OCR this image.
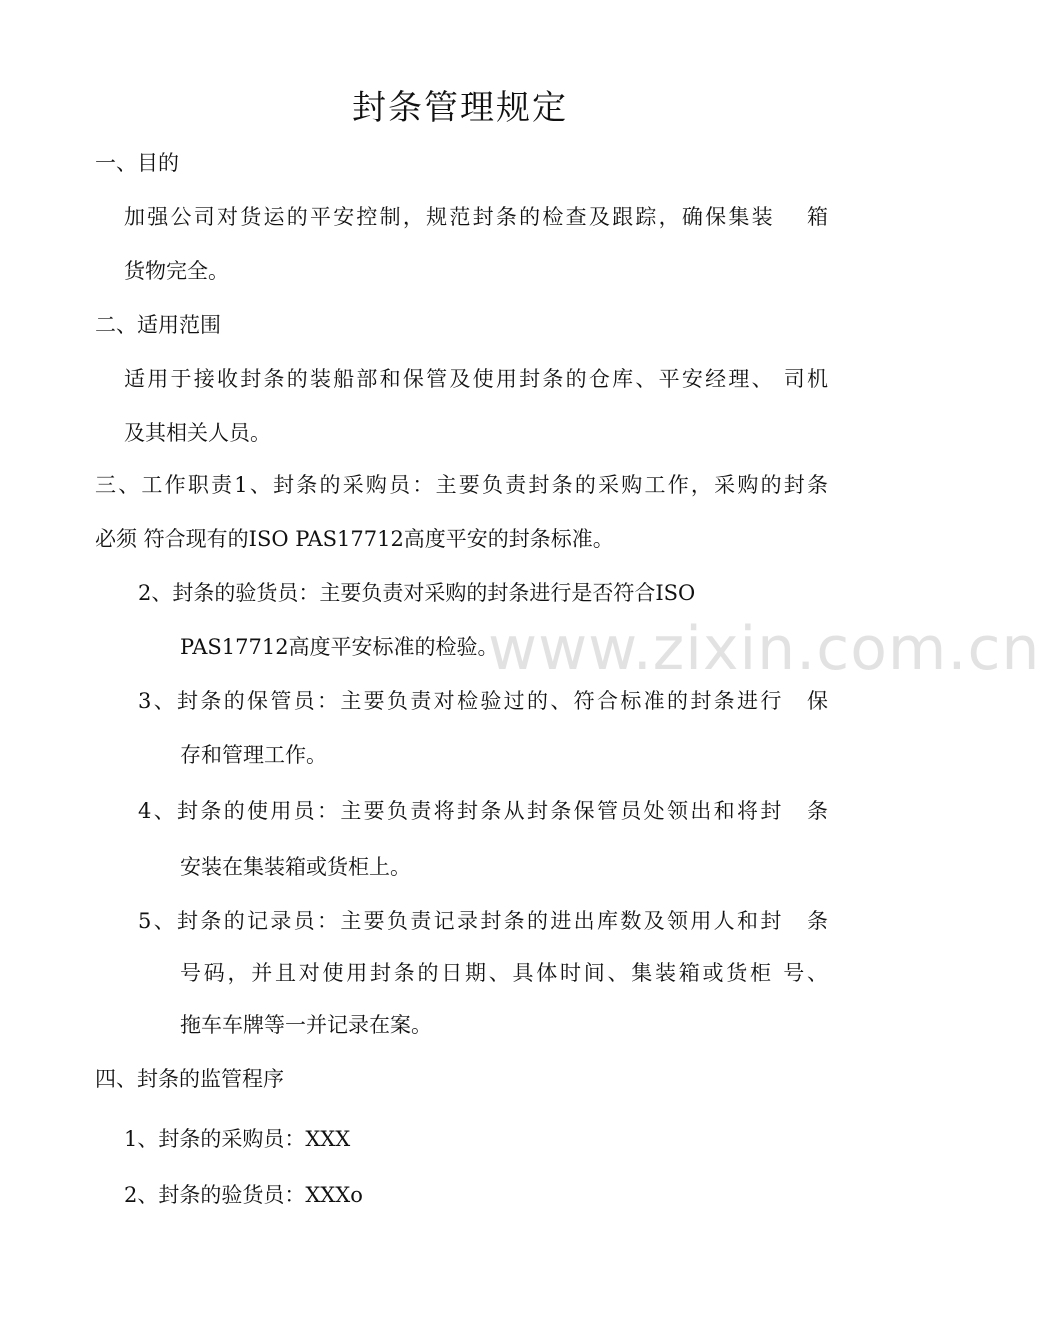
封条管理规定
一、目的
加强公司对货运的平安控制，规范封条的检查及跟踪，确保集装　 箱
货物完全。
二、适用范围
适用于接收封条的装船部和保管及使用封条的仓库、平安经理、 司机
及其相关人员。
三、工作职责1、封条的采购员：主要负责封条的采购工作，采购的封条
必须 符合现有的ISO PAS17712高度平安的封条标准。
2、封条的验货员：主要负责对采购的封条进行是否符合ISO
PAS17712高度平安标准的检验。
3、封条的保管员：主要负责对检验过的、符合标准的封条进行　保
存和管理工作。
4、封条的使用员：主要负责将封条从封条保管员处领出和将封　条
安装在集装箱或货柜上。
5、封条的记录员：主要负责记录封条的进出库数及领用人和封　条
号码，并且对使用封条的日期、具体时间、集装箱或货柜 号、
拖车车牌等一并记录在案。
四、封条的监管程序
1、封条的采购员：XXX
2、封条的验货员：XXXo
www.zixin.com.cn
